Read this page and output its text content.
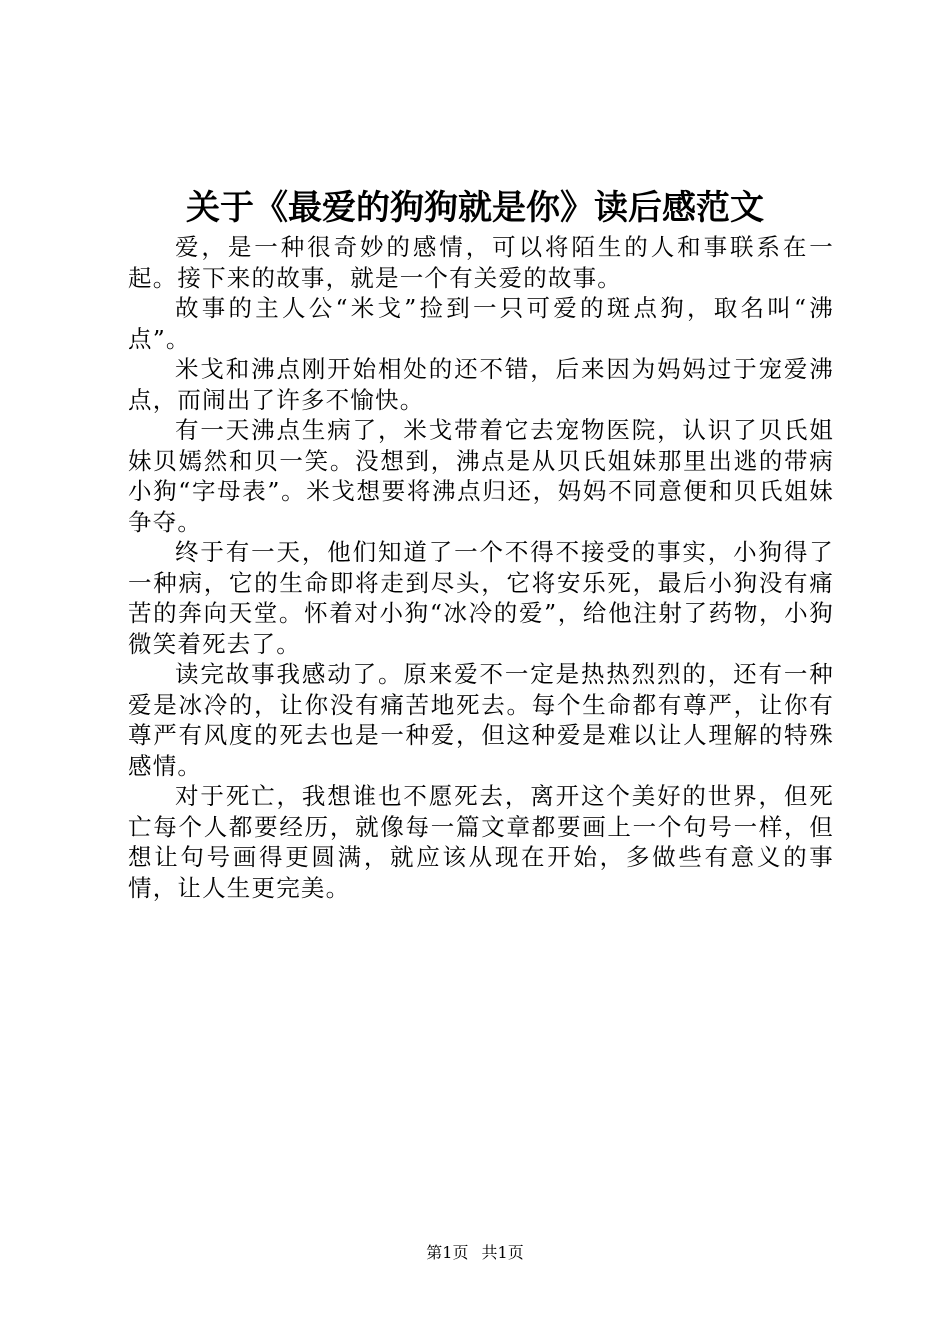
关于《最爱的狗狗就是你》读后感范文

爱，是一种很奇妙的感情，可以将陌生的人和事联系在一起。接下来的故事，就是一个有关爱的故事。

故事的主人公“米戈”捡到一只可爱的斑点狗，取名叫“沸点”。

米戈和沸点刚开始相处的还不错，后来因为妈妈过于宠爱沸点，而闹出了许多不愉快。

有一天沸点生病了，米戈带着它去宠物医院，认识了贝氏姐妹贝嫣然和贝一笑。没想到，沸点是从贝氏姐妹那里出逃的带病小狗“字母表”。米戈想要将沸点归还，妈妈不同意便和贝氏姐妹争夺。

终于有一天，他们知道了一个不得不接受的事实，小狗得了一种病，它的生命即将走到尽头，它将安乐死，最后小狗没有痛苦的奔向天堂。怀着对小狗“冰冷的爱”，给他注射了药物，小狗微笑着死去了。

读完故事我感动了。原来爱不一定是热热烈烈的，还有一种爱是冰冷的，让你没有痛苦地死去。每个生命都有尊严，让你有尊严有风度的死去也是一种爱，但这种爱是难以让人理解的特殊感情。

对于死亡，我想谁也不愿死去，离开这个美好的世界，但死亡每个人都要经历，就像每一篇文章都要画上一个句号一样，但想让句号画得更圆满，就应该从现在开始，多做些有意义的事情，让人生更完美。

第1页 共1页
